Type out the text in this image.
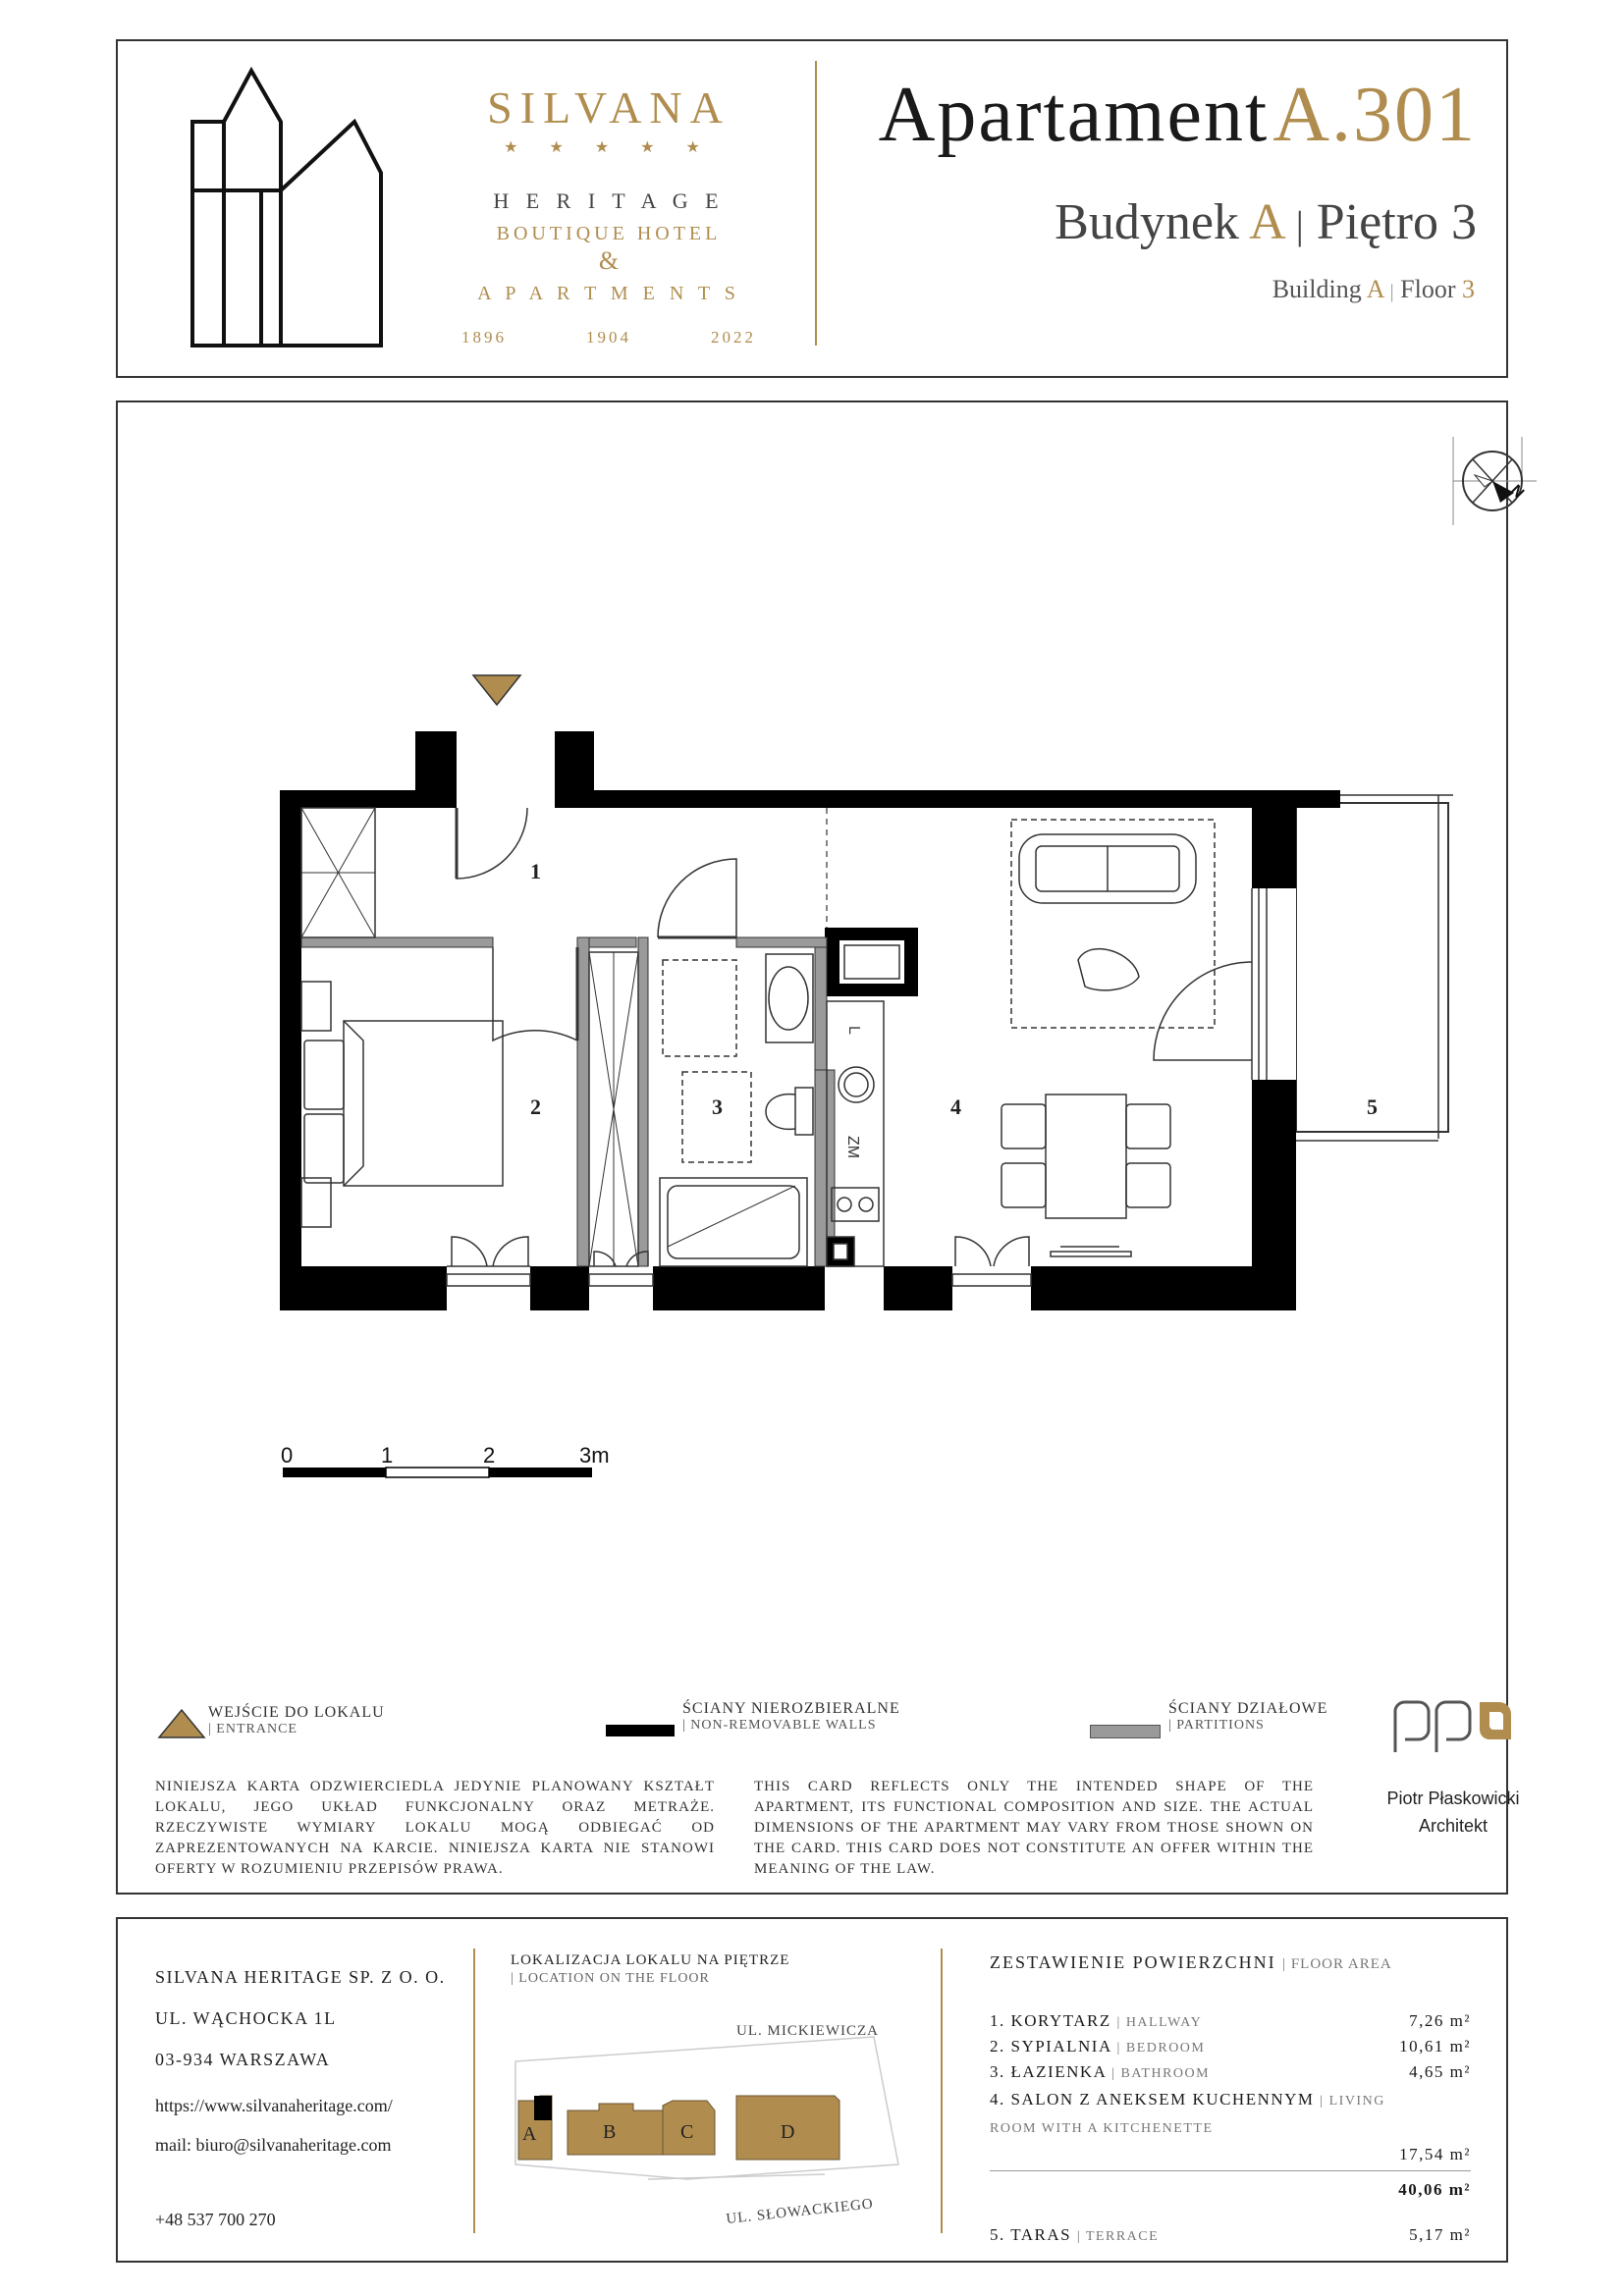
SILVANA
★ ★ ★ ★ ★
H E R I T A G E
BOUTIQUE HOTEL
&
A P A R T M E N T S
1896	1904	2022
Apartament A.301
Budynek A | Piętro 3
Building A | Floor 3
N
L
ZM
1
2	3	4	5
0	1	2	3m
WEJŚCIE DO LOKALU
| ENTRANCE
ŚCIANY NIEROZBIERALNE
| NON-REMOVABLE WALLS
ŚCIANY DZIAŁOWE
| PARTITIONS
NINIEJSZA KARTA ODZWIERCIEDLA JEDYNIE PLANOWANY KSZTAŁT LOKALU, JEGO UKŁAD FUNKCJONALNY ORAZ METRAŻE. RZECZYWISTE WYMIARY LOKALU MOGĄ ODBIEGAĆ OD ZAPREZENTOWANYCH NA KARCIE. NINIEJSZA KARTA NIE STANOWI OFERTY W ROZUMIENIU PRZEPISÓW PRAWA.
THIS CARD REFLECTS ONLY THE INTENDED SHAPE OF THE APARTMENT, ITS FUNCTIONAL COMPOSITION AND SIZE. THE ACTUAL DIMENSIONS OF THE APARTMENT MAY VARY FROM THOSE SHOWN ON THE CARD. THIS CARD DOES NOT CONSTITUTE AN OFFER WITHIN THE MEANING OF THE LAW.
Piotr Płaskowicki
Architekt
SILVANA HERITAGE SP. Z O. O.
UL. WĄCHOCKA 1L
03-934 WARSZAWA
https://www.silvanaheritage.com/
mail: biuro@silvanaheritage.com
+48 537 700 270
LOKALIZACJA LOKALU NA PIĘTRZE
| LOCATION ON THE FLOOR
A	B	C	D
UL. MICKIEWICZA
UL. SŁOWACKIEGO
ZESTAWIENIE POWIERZCHNI | FLOOR AREA
1. KORYTARZ | HALLWAY	7,26 m²
2. SYPIALNIA | BEDROOM	10,61 m²
3. ŁAZIENKA | BATHROOM	4,65 m²
4. SALON Z ANEKSEM KUCHENNYM | LIVING
ROOM WITH A KITCHENETTE
17,54 m²
40,06 m²
5. TARAS | TERRACE	5,17 m²
